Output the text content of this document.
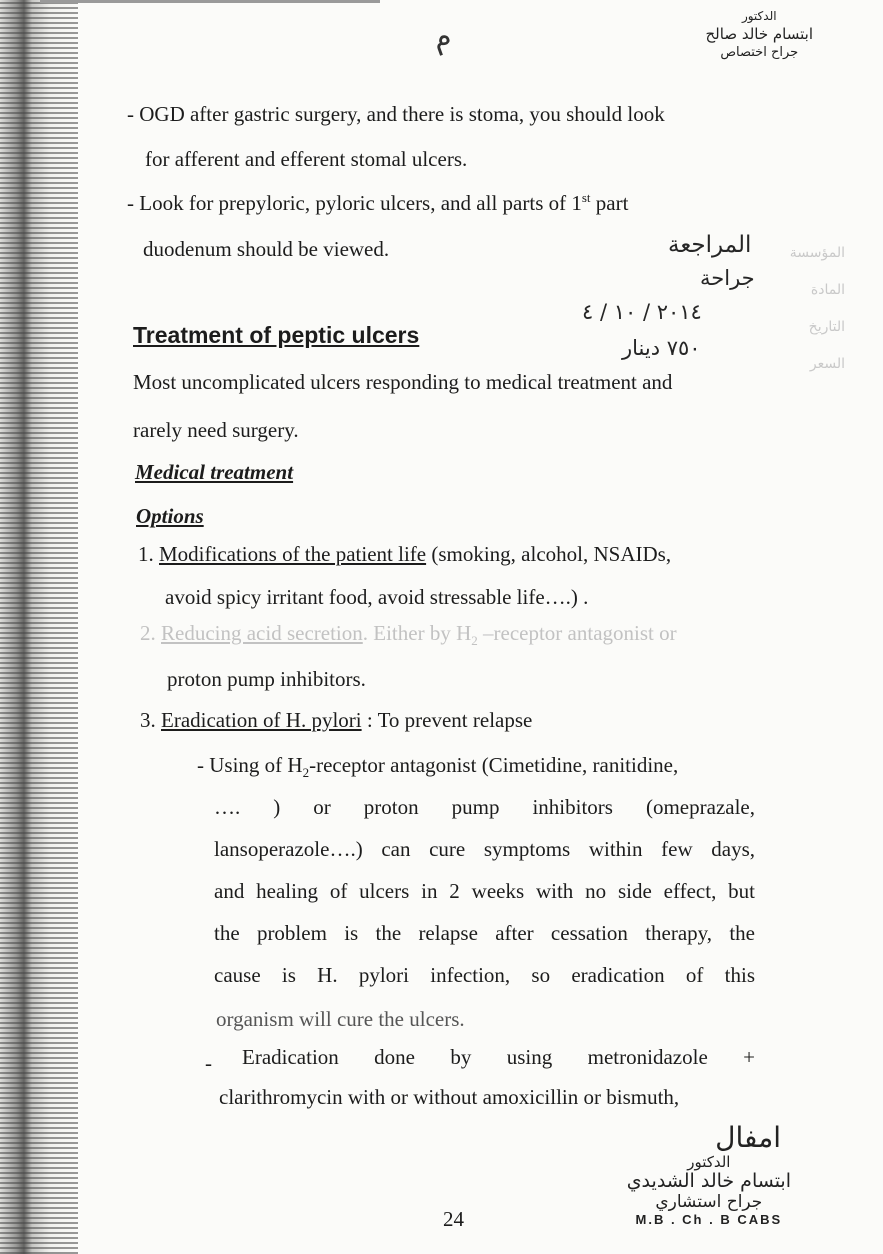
م
الدكتور
ابتسام خالد صالح
جراح اختصاص
المؤسسة
المادة
التاريخ
السعر
المراجعة
جراحة
٢٠١٤ / ١٠ / ٤
٧٥٠ دينار
- OGD after gastric surgery, and there is stoma, you should look
for afferent and efferent stomal ulcers.
- Look for prepyloric, pyloric ulcers, and all parts of 1st part
duodenum should be viewed.
Treatment of peptic ulcers
Most uncomplicated ulcers responding to medical treatment and
rarely need surgery.
Medical treatment
Options
1. Modifications of the patient life (smoking, alcohol, NSAIDs,
avoid spicy irritant food, avoid stressable life….) .
2. Reducing acid secretion. Either by $H_2$ –receptor antagonist or
proton pump inhibitors.
3. Eradication of H. pylori : To prevent relapse
- Using of $H_2$-receptor antagonist (Cimetidine, ranitidine,
…. ) or proton pump inhibitors (omeprazale,
lansoperazole….) can cure symptoms within few days,
and healing of ulcers in 2 weeks with no side effect, but
the problem is the relapse after cessation therapy, the
cause is H. pylori infection, so eradication of this
organism will cure the ulcers.
- Eradication done by using metronidazole +
clarithromycin with or without amoxicillin or bismuth,
امفال
الدكتور
ابتسام خالد الشديدي
جراح استشاري
M.B . Ch . B CABS
24
